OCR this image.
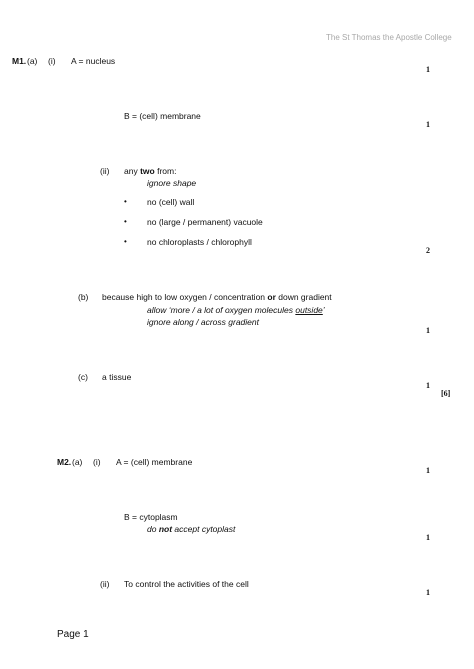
The St Thomas the Apostle College
M1. (a) (i) A = nucleus
1
B = (cell) membrane
1
(ii) any two from:
ignore shape
• no (cell) wall
• no (large / permanent) vacuole
• no chloroplasts / chlorophyll
2
(b) because high to low oxygen / concentration or down gradient
allow ‘more / a lot of oxygen molecules outside’
ignore along / across gradient
1
(c) a tissue
1
[6]
M2. (a) (i) A = (cell) membrane
1
B = cytoplasm
do not accept cytoplast
1
(ii) To control the activities of the cell
1
Page 1
